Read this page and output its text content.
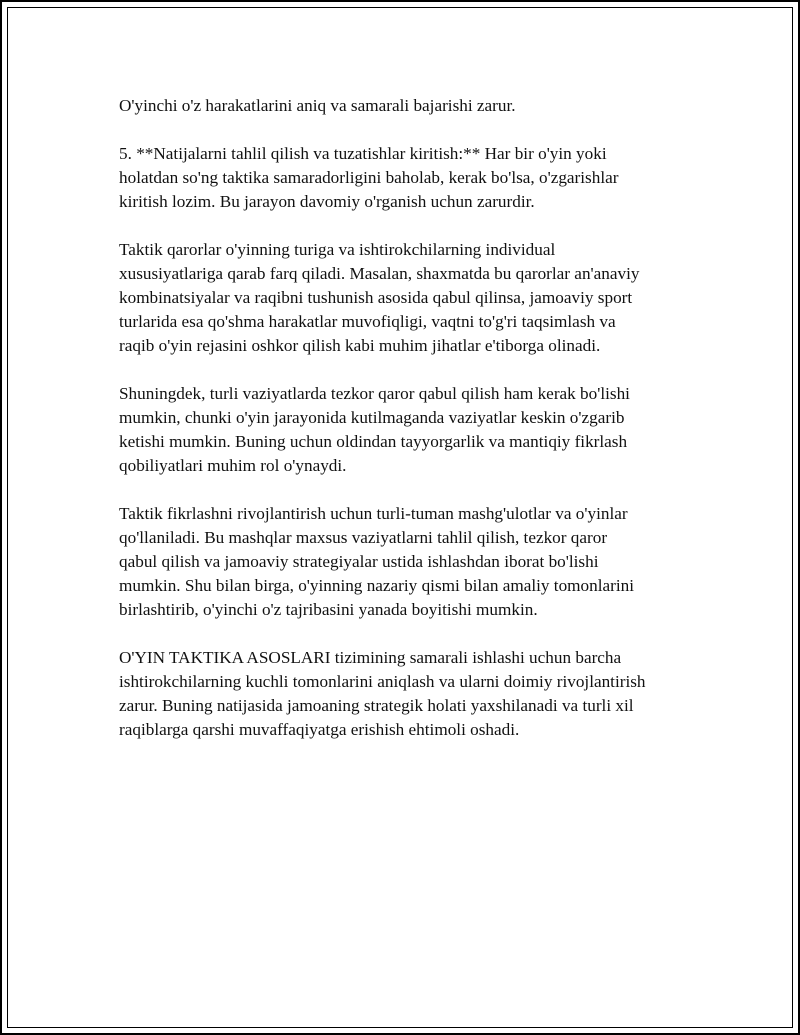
O'yinchi o'z harakatlarini aniq va samarali bajarishi zarur.

5. **Natijalarni tahlil qilish va tuzatishlar kiritish:** Har bir o'yin yoki
holatdan so'ng taktika samaradorligini baholab, kerak bo'lsa, o'zgarishlar
kiritish lozim. Bu jarayon davomiy o'rganish uchun zarurdir.

Taktik qarorlar o'yinning turiga va ishtirokchilarning individual
xususiyatlariga qarab farq qiladi. Masalan, shaxmatda bu qarorlar an'anaviy
kombinatsiyalar va raqibni tushunish asosida qabul qilinsa, jamoaviy sport
turlarida esa qo'shma harakatlar muvofiqligi, vaqtni to'g'ri taqsimlash va
raqib o'yin rejasini oshkor qilish kabi muhim jihatlar e'tiborga olinadi.

Shuningdek, turli vaziyatlarda tezkor qaror qabul qilish ham kerak bo'lishi
mumkin, chunki o'yin jarayonida kutilmaganda vaziyatlar keskin o'zgarib
ketishi mumkin. Buning uchun oldindan tayyorgarlik va mantiqiy fikrlash
qobiliyatlari muhim rol o'ynaydi.

Taktik fikrlashni rivojlantirish uchun turli-tuman mashg'ulotlar va o'yinlar
qo'llaniladi. Bu mashqlar maxsus vaziyatlarni tahlil qilish, tezkor qaror
qabul qilish va jamoaviy strategiyalar ustida ishlashdan iborat bo'lishi
mumkin. Shu bilan birga, o'yinning nazariy qismi bilan amaliy tomonlarini
birlashtirib, o'yinchi o'z tajribasini yanada boyitishi mumkin.

O'YIN TAKTIKA ASOSLARI tizimining samarali ishlashi uchun barcha
ishtirokchilarning kuchli tomonlarini aniqlash va ularni doimiy rivojlantirish
zarur. Buning natijasida jamoaning strategik holati yaxshilanadi va turli xil
raqiblarga qarshi muvaffaqiyatga erishish ehtimoli oshadi.
